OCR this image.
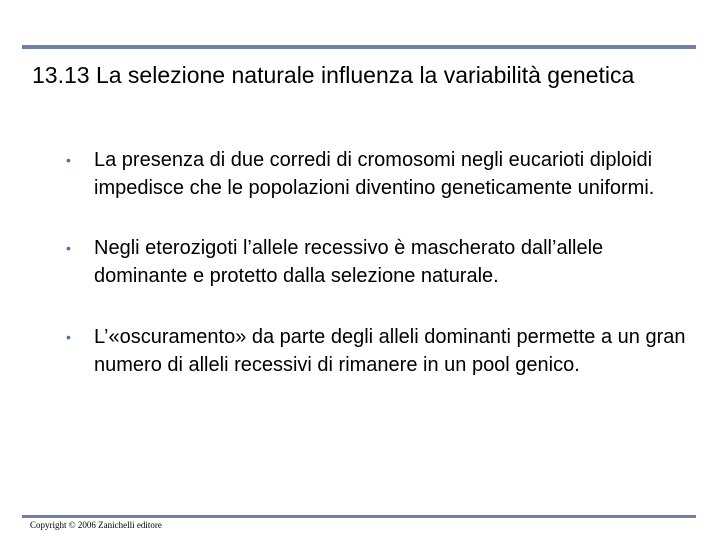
13.13 La selezione naturale influenza la variabilità genetica
• La presenza di due corredi di cromosomi negli eucarioti diploidi impedisce che le popolazioni diventino geneticamente uniformi.
• Negli eterozigoti l’allele recessivo è mascherato dall’allele dominante e protetto dalla selezione naturale.
• L’«oscuramento» da parte degli alleli dominanti permette a un gran numero di alleli recessivi di rimanere in un pool genico.
Copyright © 2006 Zanichelli editore
